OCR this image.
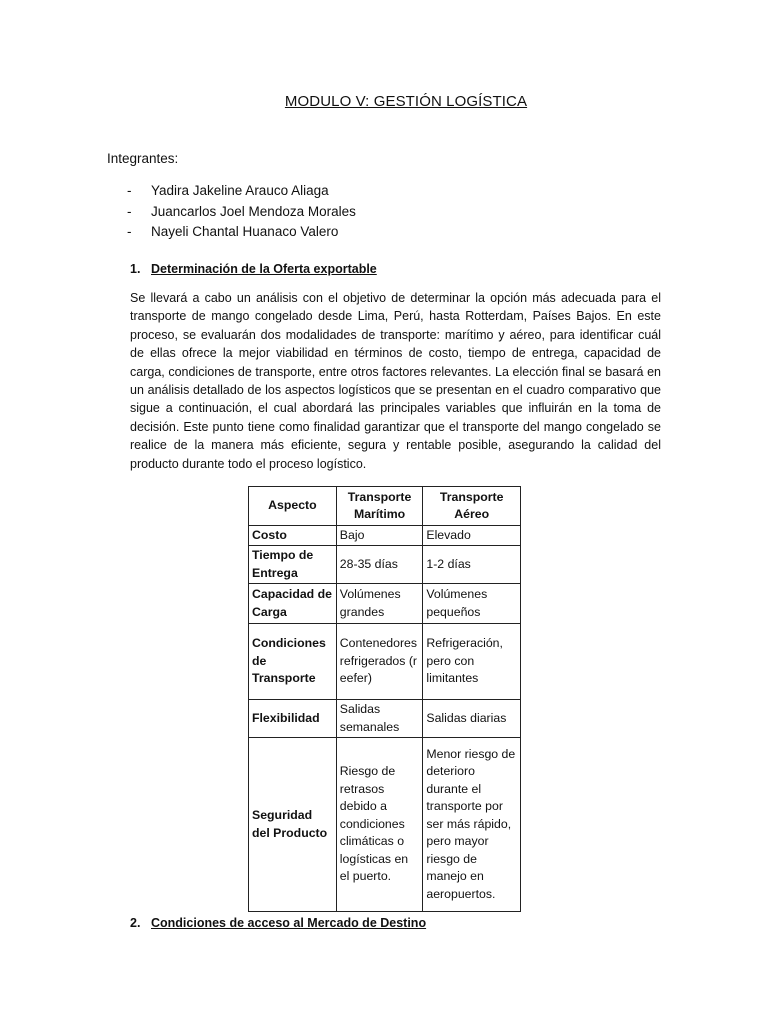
MODULO V: GESTIÓN LOGÍSTICA
Integrantes:
-	Yadira Jakeline Arauco Aliaga
-	Juancarlos Joel Mendoza Morales
-	Nayeli Chantal Huanaco Valero
1. Determinación de la Oferta exportable

Se llevará a cabo un análisis con el objetivo de determinar la opción más adecuada para el transporte de mango congelado desde Lima, Perú, hasta Rotterdam, Países Bajos. En este proceso, se evaluarán dos modalidades de transporte: marítimo y aéreo, para identificar cuál de ellas ofrece la mejor viabilidad en términos de costo, tiempo de entrega, capacidad de carga, condiciones de transporte, entre otros factores relevantes. La elección final se basará en un análisis detallado de los aspectos logísticos que se presentan en el cuadro comparativo que sigue a continuación, el cual abordará las principales variables que influirán en la toma de decisión. Este punto tiene como finalidad garantizar que el transporte del mango congelado se realice de la manera más eficiente, segura y rentable posible, asegurando la calidad del producto durante todo el proceso logístico.

Aspecto	Transporte Marítimo	Transporte Aéreo
Costo	Bajo	Elevado
Tiempo de Entrega	28-35 días	1-2 días
Capacidad de Carga	Volúmenes grandes	Volúmenes pequeños
Condiciones de Transporte	Contenedores refrigerados (reefer)	Refrigeración, pero con limitantes
Flexibilidad	Salidas semanales	Salidas diarias
Seguridad del Producto	Riesgo de retrasos debido a condiciones climáticas o logísticas en el puerto.	Menor riesgo de deterioro durante el transporte por ser más rápido, pero mayor riesgo de manejo en aeropuertos.
2. Condiciones de acceso al Mercado de Destino
